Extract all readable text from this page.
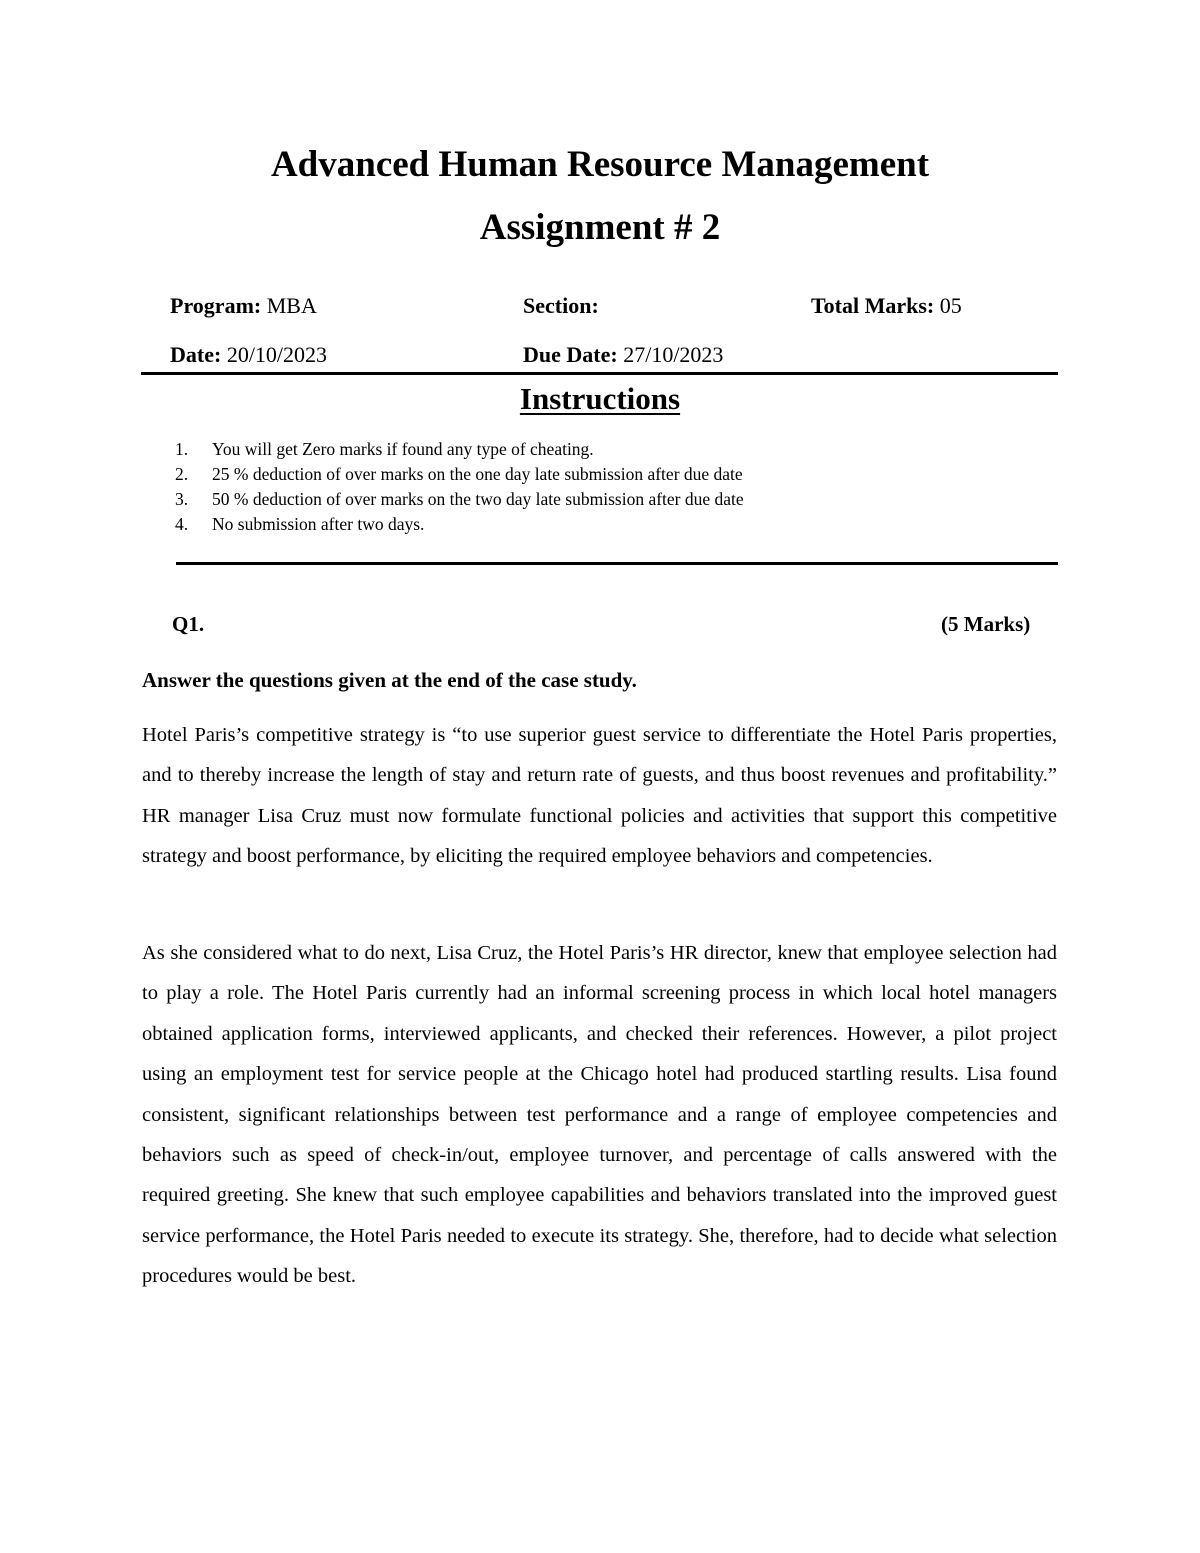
Advanced Human Resource Management
Assignment # 2
Program: MBA	Section:	Total Marks: 05
Date: 20/10/2023	Due Date: 27/10/2023
Instructions
1. You will get Zero marks if found any type of cheating.
2. 25 % deduction of over marks on the one day late submission after due date
3. 50 % deduction of over marks on the two day late submission after due date
4. No submission after two days.
Q1.	(5 Marks)
Answer the questions given at the end of the case study.

Hotel Paris’s competitive strategy is “to use superior guest service to differentiate the Hotel Paris properties, and to thereby increase the length of stay and return rate of guests, and thus boost revenues and profitability.” HR manager Lisa Cruz must now formulate functional policies and activities that support this competitive strategy and boost performance, by eliciting the required employee behaviors and competencies.

As she considered what to do next, Lisa Cruz, the Hotel Paris’s HR director, knew that employee selection had to play a role. The Hotel Paris currently had an informal screening process in which local hotel managers obtained application forms, interviewed applicants, and checked their references. However, a pilot project using an employment test for service people at the Chicago hotel had produced startling results. Lisa found consistent, significant relationships between test performance and a range of employee competencies and behaviors such as speed of check-in/out, employee turnover, and percentage of calls answered with the required greeting. She knew that such employee capabilities and behaviors translated into the improved guest service performance, the Hotel Paris needed to execute its strategy. She, therefore, had to decide what selection procedures would be best.
